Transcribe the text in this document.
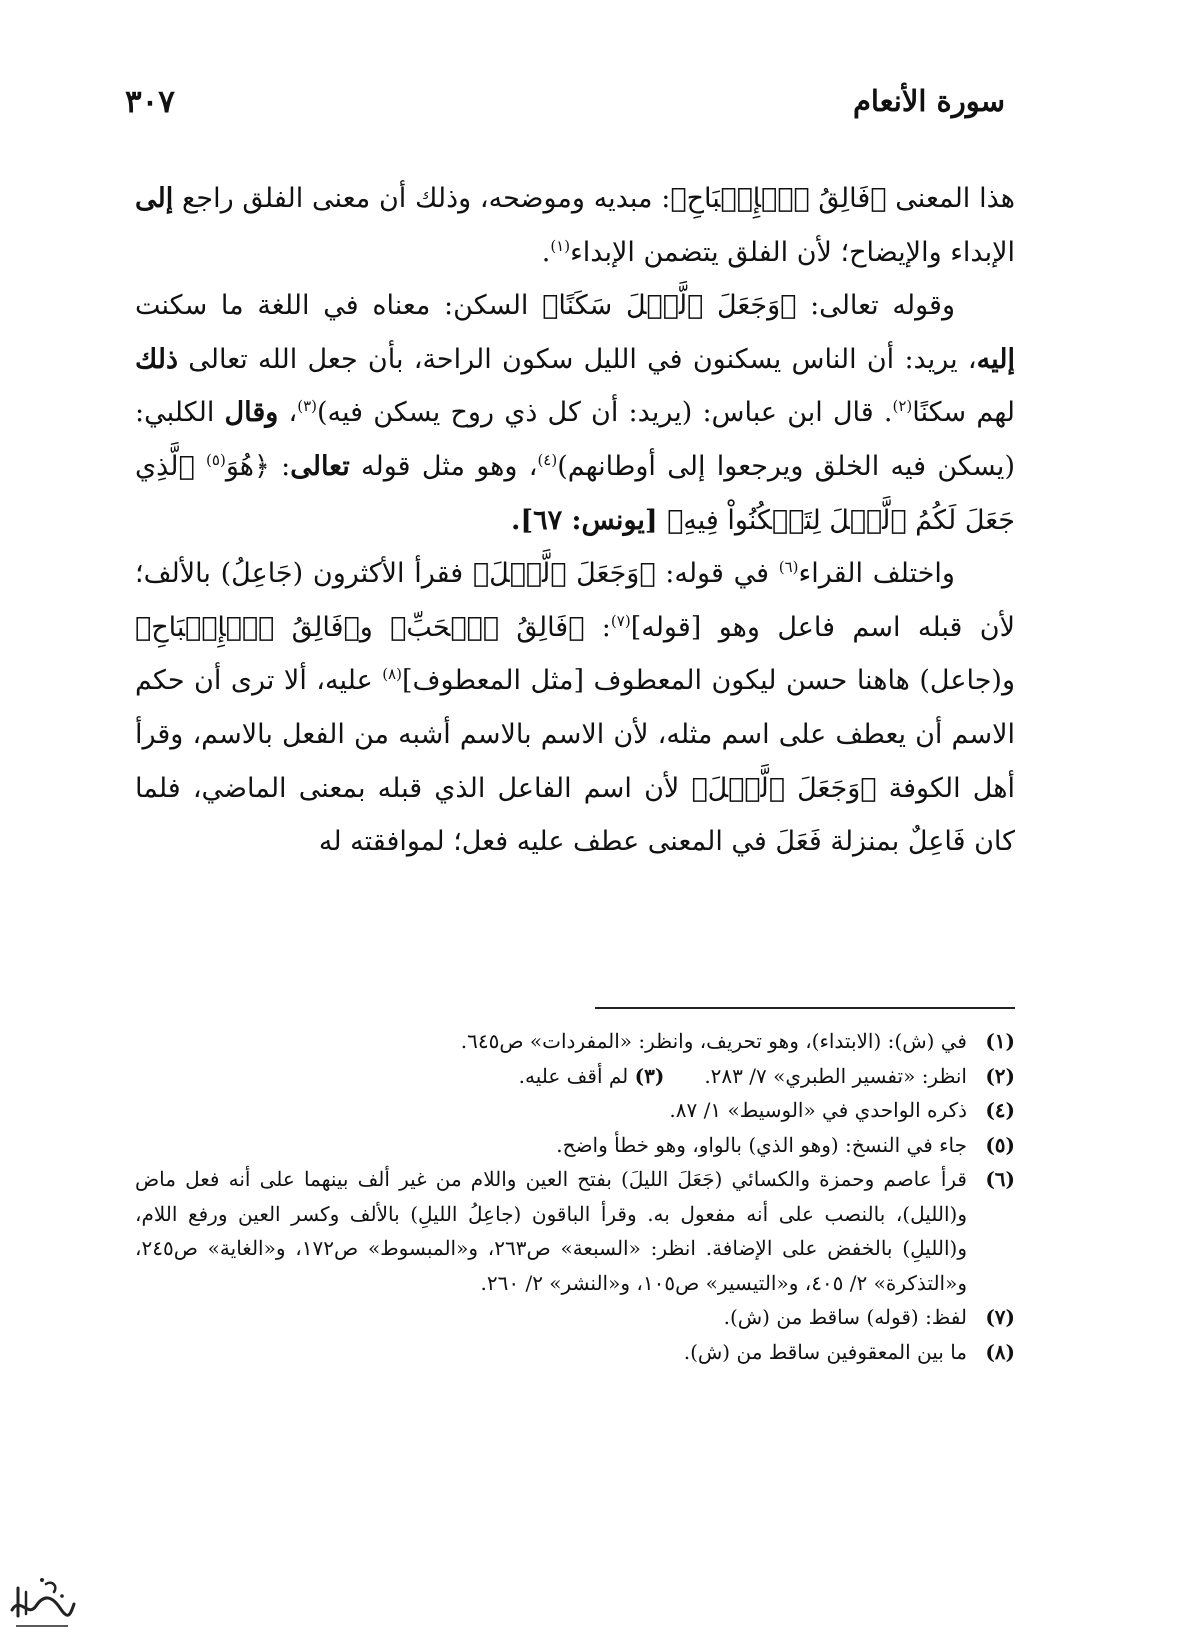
سورة الأنعام
٣٠٧

هذا المعنى ﴿فَالِقُ ٱلۡإِصۡبَاحِ﴾: مبديه وموضحه، وذلك أن معنى الفلق راجع إلى الإبداء والإيضاح؛ لأن الفلق يتضمن الإبداء$^{(١)}$.

وقوله تعالى: ﴿وَجَعَلَ ٱلَّيۡلَ سَكَنًا﴾ السكن: معناه في اللغة ما سكنت إليه، يريد: أن الناس يسكنون في الليل سكون الراحة، بأن جعل الله تعالى ذلك لهم سكنًا$^{(٢)}$. قال ابن عباس: (يريد: أن كل ذي روح يسكن فيه)$^{(٣)}$، وقال الكلبي: (يسكن فيه الخلق ويرجعوا إلى أوطانهم)$^{(٤)}$، وهو مثل قوله تعالى: ﴿هُوَ$^{(٥)}$ ٱلَّذِي جَعَلَ لَكُمُ ٱلَّيۡلَ لِتَسۡكُنُواْ فِيهِ﴾ [يونس: ٦٧].

واختلف القراء$^{(٦)}$ في قوله: ﴿وَجَعَلَ ٱلَّيۡلَ﴾ فقرأ الأكثرون (جَاعِلُ) بالألف؛ لأن قبله اسم فاعل وهو [قوله]$^{(٧)}$: ﴿فَالِقُ ٱلۡحَبِّ﴾ و﴿فَالِقُ ٱلۡإِصۡبَاحِ﴾ و(جاعل) هاهنا حسن ليكون المعطوف [مثل المعطوف]$^{(٨)}$ عليه، ألا ترى أن حكم الاسم أن يعطف على اسم مثله، لأن الاسم بالاسم أشبه من الفعل بالاسم، وقرأ أهل الكوفة ﴿وَجَعَلَ ٱلَّيۡلَ﴾ لأن اسم الفاعل الذي قبله بمعنى الماضي، فلما كان فَاعِلٌ بمنزلة فَعَلَ في المعنى عطف عليه فعل؛ لموافقته له

(١)
في (ش): (الابتداء)، وهو تحريف، وانظر: «المفردات» ص٦٤٥.
(٢)
انظر: «تفسير الطبري» ٧/ ٢٨٣.(٣) لم أقف عليه.
(٤)
ذكره الواحدي في «الوسيط» ١/ ٨٧.
(٥)
جاء في النسخ: (وهو الذي) بالواو، وهو خطأ واضح.
(٦)
قرأ عاصم وحمزة والكسائي (جَعَلَ الليلَ) بفتح العين واللام من غير ألف بينهما على أنه فعل ماض و(الليل)، بالنصب على أنه مفعول به. وقرأ الباقون (جاعِلُ الليلِ) بالألف وكسر العين ورفع اللام، و(الليلِ) بالخفض على الإضافة. انظر: «السبعة» ص٢٦٣، و«المبسوط» ص١٧٢، و«الغاية» ص٢٤٥، و«التذكرة» ٢/ ٤٠٥، و«التيسير» ص١٠٥، و«النشر» ٢/ ٢٦٠.
(٧)
لفظ: (قوله) ساقط من (ش).
(٨)
ما بين المعقوفين ساقط من (ش).
